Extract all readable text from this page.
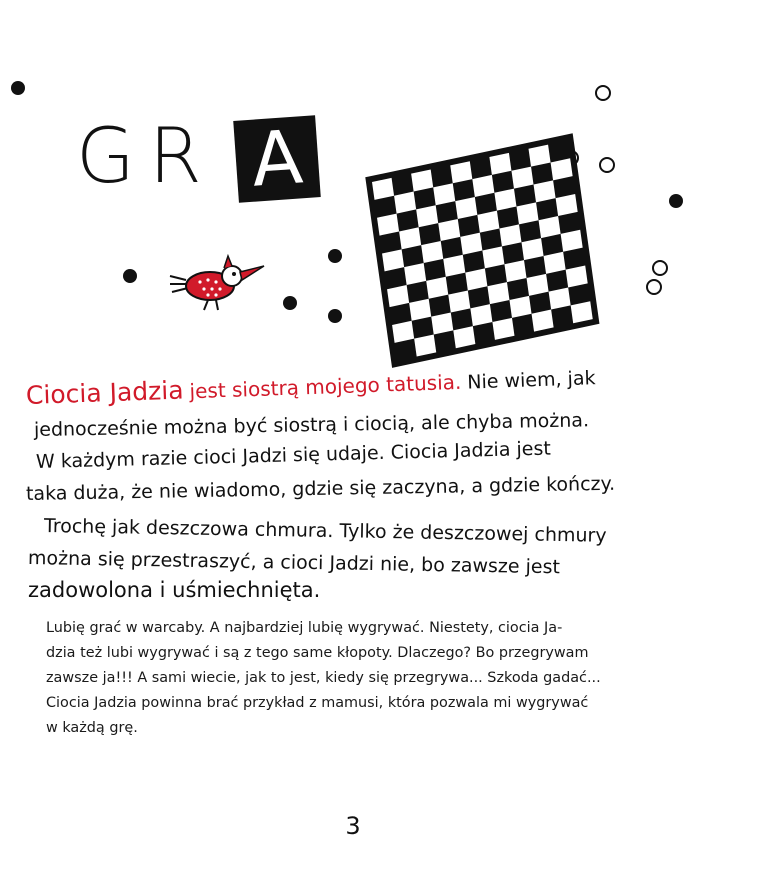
GR A
Ciocia Jadzia jest siostrą mojego tatusia. Nie wiem, jak
jednocześnie można być siostrą i ciocią, ale chyba można.
W każdym razie cioci Jadzi się udaje. Ciocia Jadzia jest
taka duża, że nie wiadomo, gdzie się zaczyna, a gdzie kończy.
Trochę jak deszczowa chmura. Tylko że deszczowej chmury
można się przestraszyć, a cioci Jadzi nie, bo zawsze jest
zadowolona i uśmiechnięta.
Lubię grać w warcaby. A najbardziej lubię wygrywać. Niestety, ciocia Ja-
dzia też lubi wygrywać i są z tego same kłopoty. Dlaczego? Bo przegrywam
zawsze ja!!! A sami wiecie, jak to jest, kiedy się przegrywa... Szkoda gadać...
Ciocia Jadzia powinna brać przykład z mamusi, która pozwala mi wygrywać
w każdą grę.
3
